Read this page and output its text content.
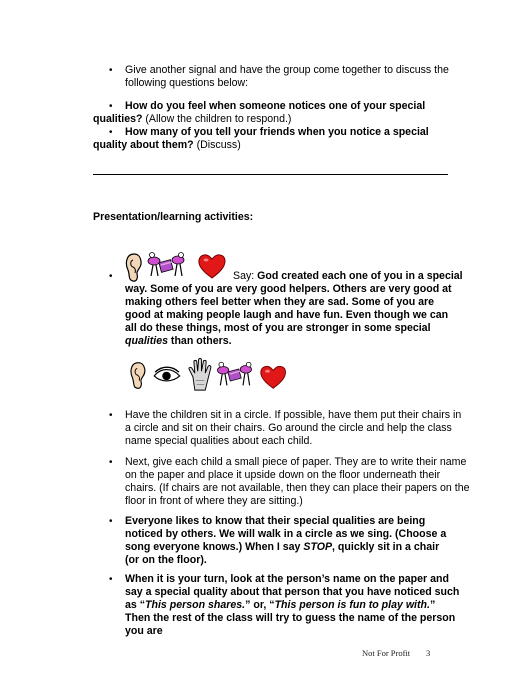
• Give another signal and have the group come together to discuss the following questions below:
•	How do you feel when someone notices one of your special qualities? (Allow the children to respond.)
•	How many of you tell your friends when you notice a special quality about them? (Discuss)
Presentation/learning activities:
•	Say: God created each one of you in a special
way. Some of you are very good helpers. Others are very good at making others feel better when they are sad. Some of you are good at making people laugh and have fun. Even though we can all do these things, most of you are stronger in some special qualities than others.
• Have the children sit in a circle. If possible, have them put their chairs in a circle and sit on their chairs. Go around the circle and help the class name special qualities about each child.
• Next, give each child a small piece of paper. They are to write their name on the paper and place it upside down on the floor underneath their chairs. (If chairs are not available, then they can place their papers on the floor in front of where they are sitting.)
• Everyone likes to know that their special qualities are being noticed by others. We will walk in a circle as we sing. (Choose a song everyone knows.) When I say STOP, quickly sit in a chair (or on the floor).
• When it is your turn, look at the person’s name on the paper and say a special quality about that person that you have noticed such as “This person shares.” or, “This person is fun to play with.” Then the rest of the class will try to guess the name of the person you are
Not For Profit 3
